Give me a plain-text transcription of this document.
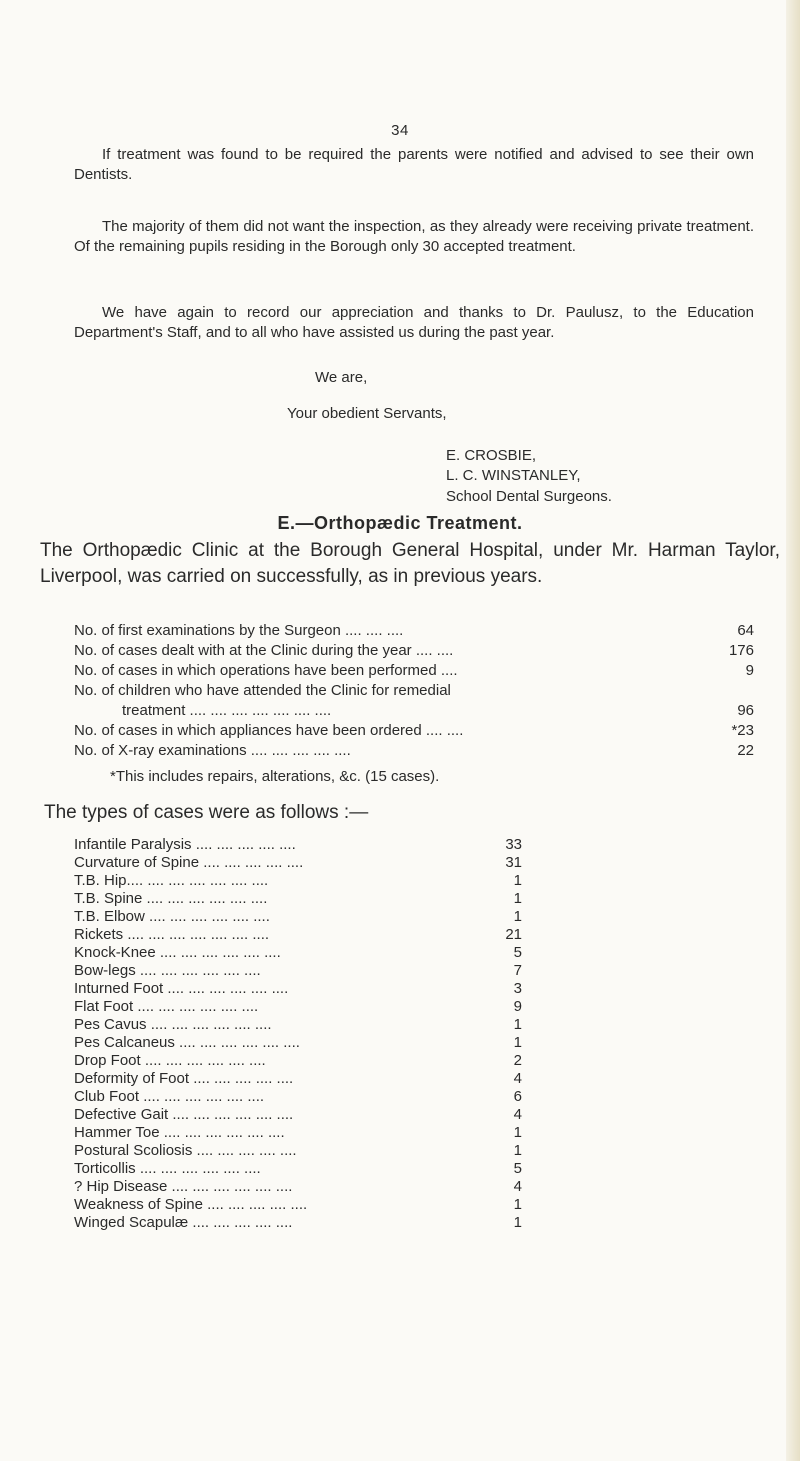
34

If treatment was found to be required the parents were notified and advised to see their own Dentists.

The majority of them did not want the inspection, as they already were receiving private treatment. Of the remaining pupils residing in the Borough only 30 accepted treatment.

We have again to record our appreciation and thanks to Dr. Paulusz, to the Education Department's Staff, and to all who have assisted us during the past year.

We are,
Your obedient Servants,
E. CROSBIE,
L. C. WINSTANLEY,
School Dental Surgeons.
E.—Orthopædic Treatment.

The Orthopædic Clinic at the Borough General Hospital, under Mr. Harman Taylor, Liverpool, was carried on successfully, as in previous years.

No. of first examinations by the Surgeon .... .... ....	64
No. of cases dealt with at the Clinic during the year .... ....	176
No. of cases in which operations have been performed ....	9
No. of children who have attended the Clinic for remedial
treatment .... .... .... .... .... .... ....	96
No. of cases in which appliances have been ordered .... ....	*23
No. of X-ray examinations .... .... .... .... ....	22
*This includes repairs, alterations, &c. (15 cases).
The types of cases were as follows :—
Infantile Paralysis .... .... .... .... ....	33
Curvature of Spine .... .... .... .... ....	31
T.B. Hip.... .... .... .... .... .... ....	1
T.B. Spine .... .... .... .... .... ....	1
T.B. Elbow .... .... .... .... .... ....	1
Rickets .... .... .... .... .... .... ....	21
Knock-Knee .... .... .... .... .... ....	5
Bow-legs .... .... .... .... .... ....	7
Inturned Foot .... .... .... .... .... ....	3
Flat Foot .... .... .... .... .... ....	9
Pes Cavus .... .... .... .... .... ....	1
Pes Calcaneus .... .... .... .... .... ....	1
Drop Foot .... .... .... .... .... ....	2
Deformity of Foot .... .... .... .... ....	4
Club Foot .... .... .... .... .... ....	6
Defective Gait .... .... .... .... .... ....	4
Hammer Toe .... .... .... .... .... ....	1
Postural Scoliosis .... .... .... .... ....	1
Torticollis .... .... .... .... .... ....	5
? Hip Disease .... .... .... .... .... ....	4
Weakness of Spine .... .... .... .... ....	1
Winged Scapulæ .... .... .... .... ....	1
